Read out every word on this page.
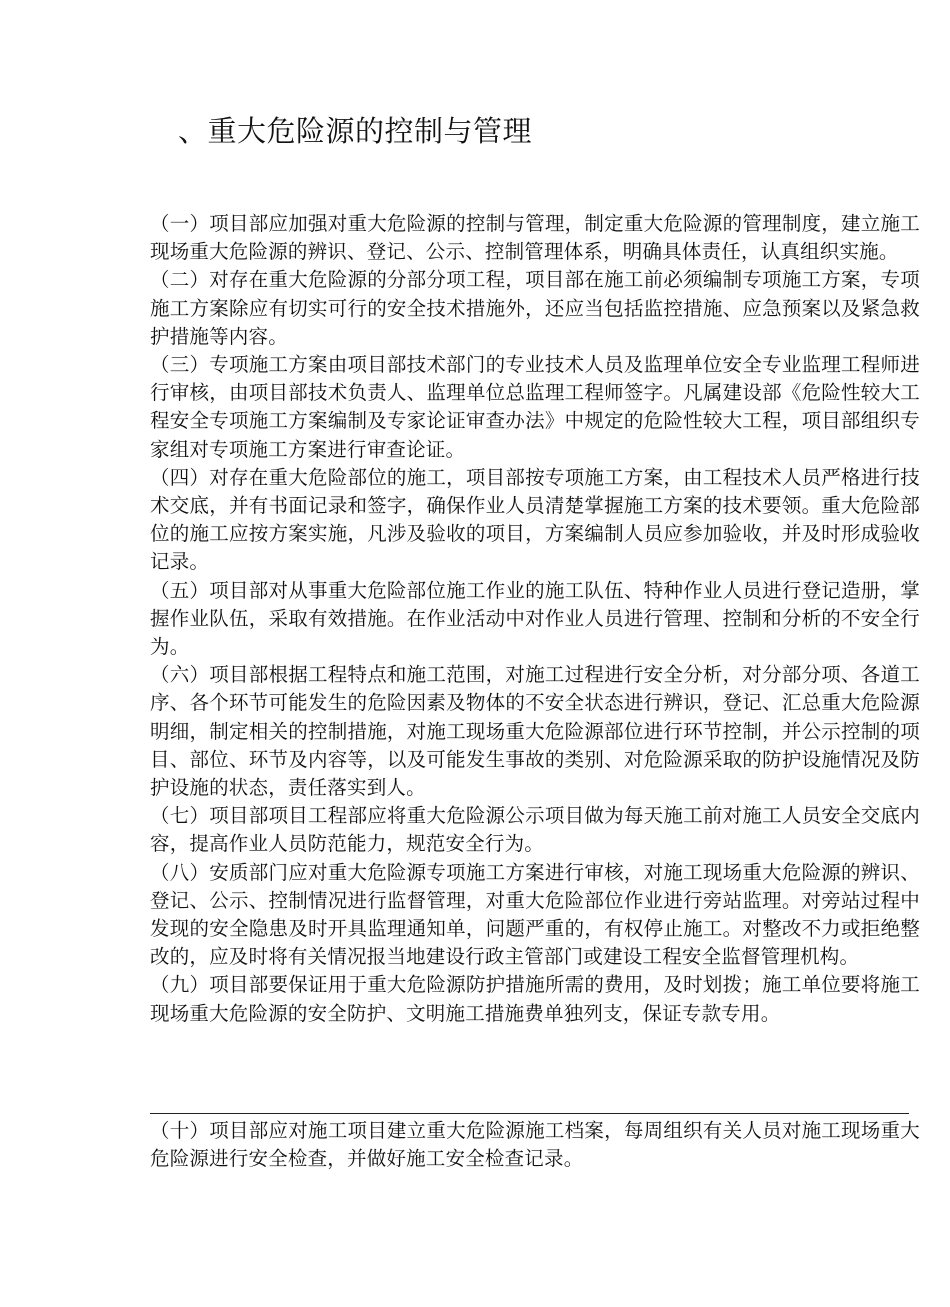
、重大危险源的控制与管理

（一）项目部应加强对重大危险源的控制与管理，制定重大危险源的管理制度，建立施工现场重大危险源的辨识、登记、公示、控制管理体系，明确具体责任，认真组织实施。

（二）对存在重大危险源的分部分项工程，项目部在施工前必须编制专项施工方案，专项施工方案除应有切实可行的安全技术措施外，还应当包括监控措施、应急预案以及紧急救护措施等内容。

（三）专项施工方案由项目部技术部门的专业技术人员及监理单位安全专业监理工程师进行审核，由项目部技术负责人、监理单位总监理工程师签字。凡属建设部《危险性较大工程安全专项施工方案编制及专家论证审查办法》中规定的危险性较大工程，项目部组织专家组对专项施工方案进行审查论证。

（四）对存在重大危险部位的施工，项目部按专项施工方案，由工程技术人员严格进行技术交底，并有书面记录和签字，确保作业人员清楚掌握施工方案的技术要领。重大危险部位的施工应按方案实施，凡涉及验收的项目，方案编制人员应参加验收，并及时形成验收记录。

（五）项目部对从事重大危险部位施工作业的施工队伍、特种作业人员进行登记造册，掌握作业队伍，采取有效措施。在作业活动中对作业人员进行管理、控制和分析的不安全行为。

（六）项目部根据工程特点和施工范围，对施工过程进行安全分析，对分部分项、各道工序、各个环节可能发生的危险因素及物体的不安全状态进行辨识，登记、汇总重大危险源明细，制定相关的控制措施，对施工现场重大危险源部位进行环节控制，并公示控制的项目、部位、环节及内容等，以及可能发生事故的类别、对危险源采取的防护设施情况及防护设施的状态，责任落实到人。

（七）项目部项目工程部应将重大危险源公示项目做为每天施工前对施工人员安全交底内容，提高作业人员防范能力，规范安全行为。

（八）安质部门应对重大危险源专项施工方案进行审核，对施工现场重大危险源的辨识、登记、公示、控制情况进行监督管理，对重大危险部位作业进行旁站监理。对旁站过程中发现的安全隐患及时开具监理通知单，问题严重的，有权停止施工。对整改不力或拒绝整改的，应及时将有关情况报当地建设行政主管部门或建设工程安全监督管理机构。

（九）项目部要保证用于重大危险源防护措施所需的费用，及时划拨；施工单位要将施工现场重大危险源的安全防护、文明施工措施费单独列支，保证专款专用。

（十）项目部应对施工项目建立重大危险源施工档案，每周组织有关人员对施工现场重大危险源进行安全检查，并做好施工安全检查记录。
